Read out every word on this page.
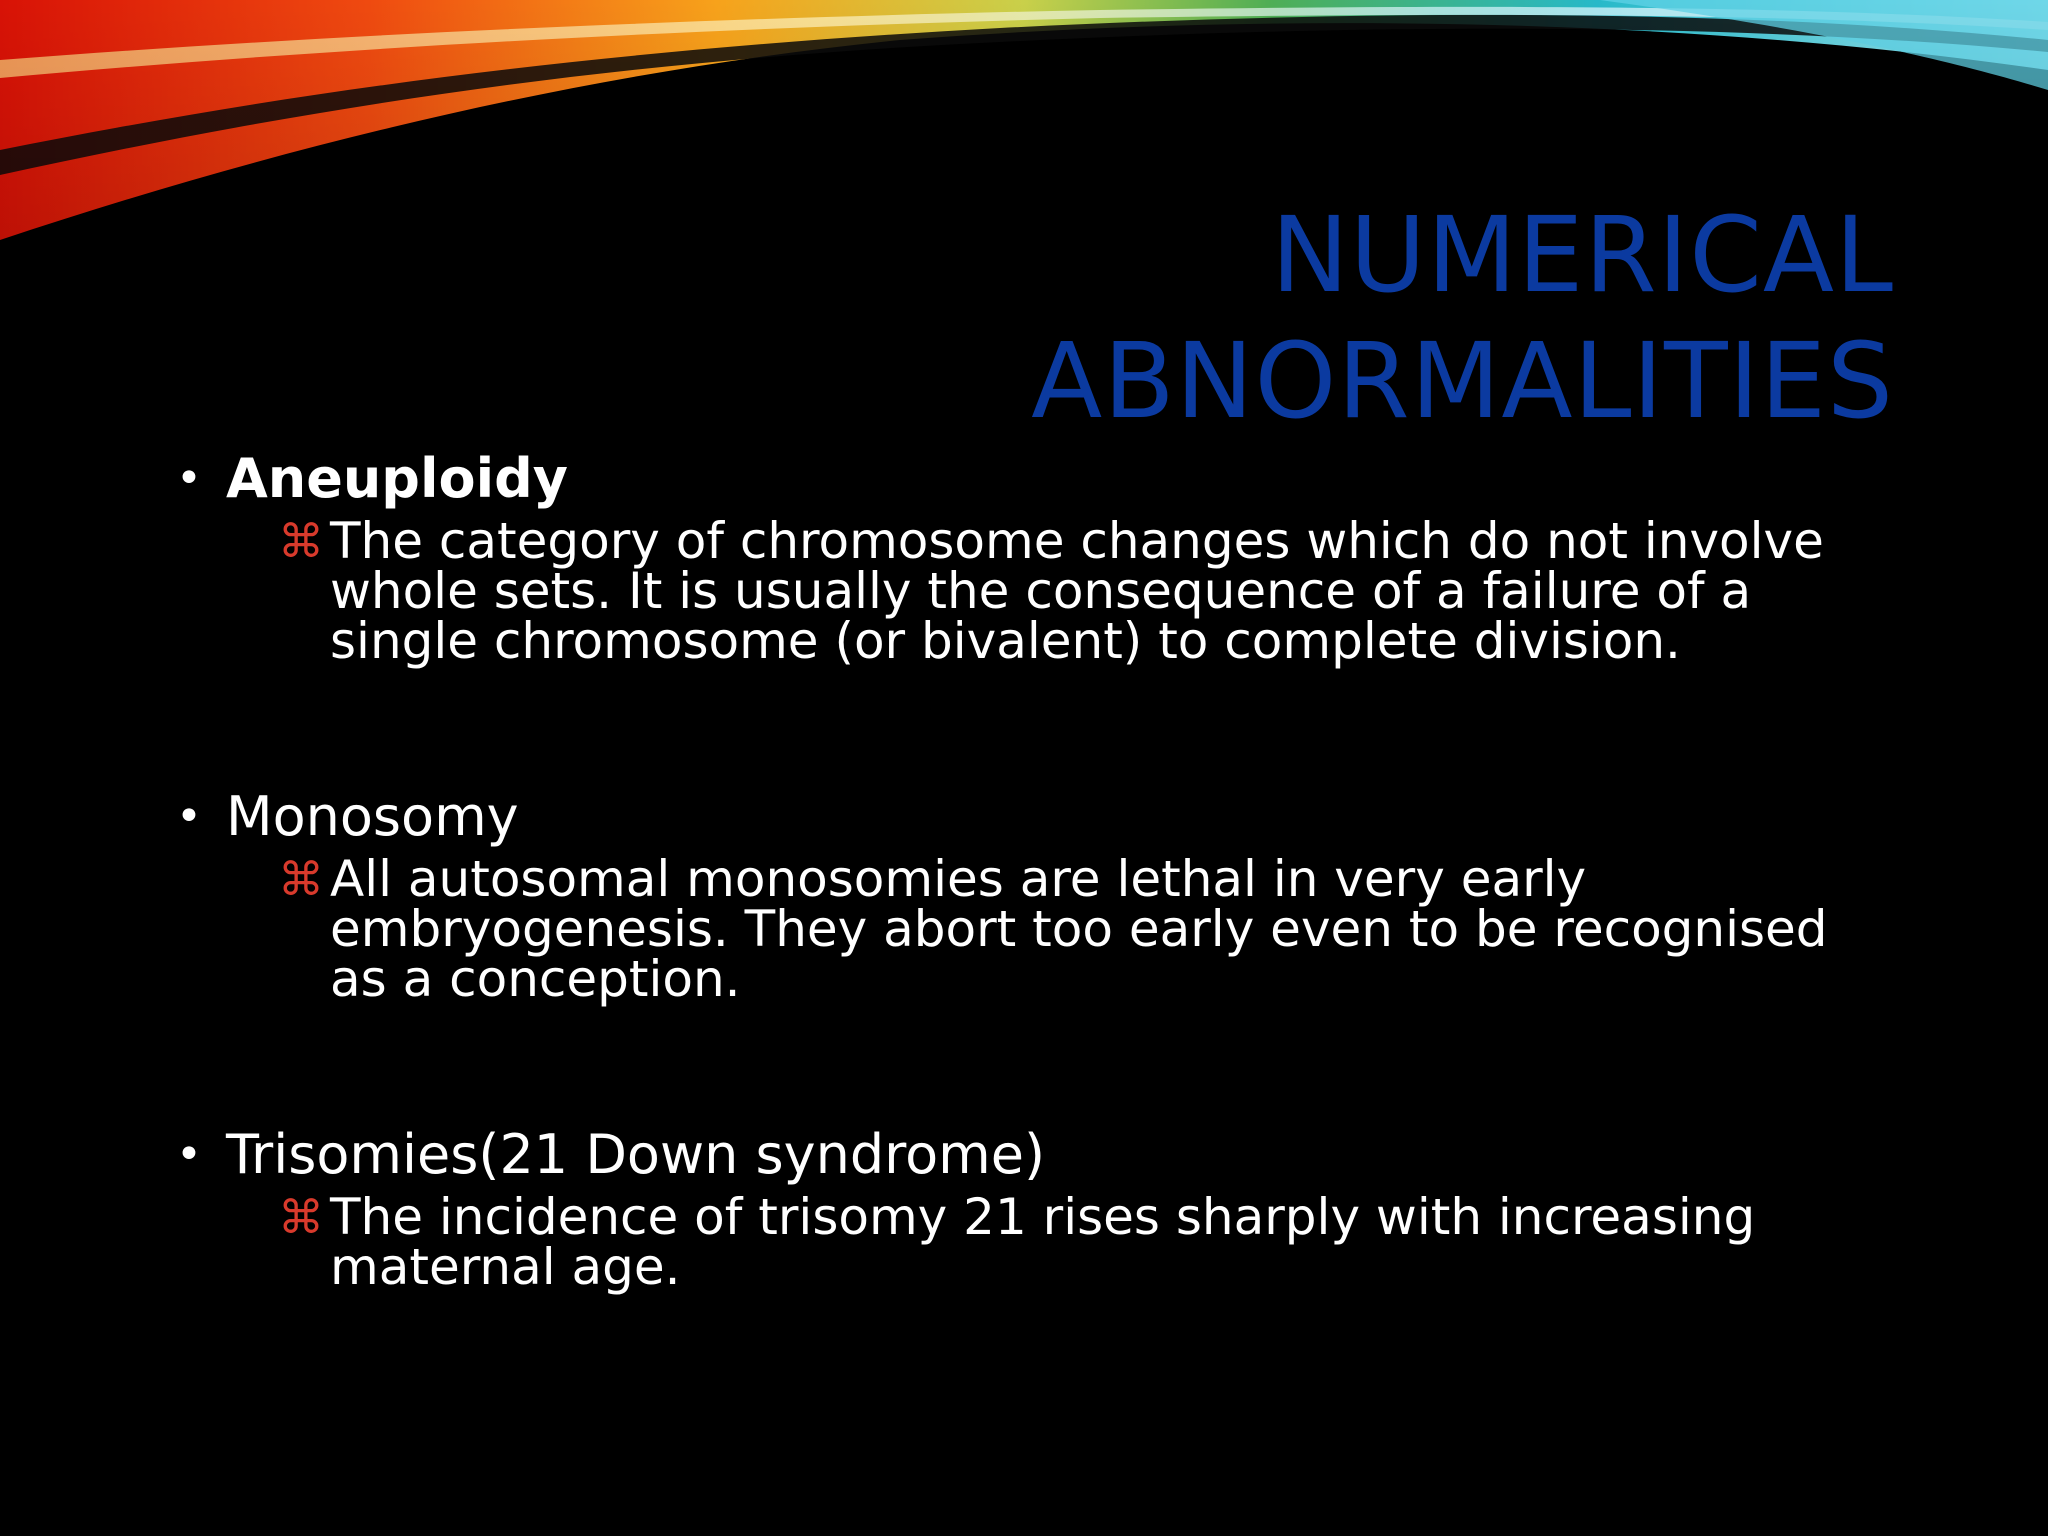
NUMERICAL
ABNORMALITIES
• Aneuploidy
⌘ The category of chromosome changes which do not involve whole sets. It is usually the consequence of a failure of a single chromosome (or bivalent) to complete division.
• Monosomy
⌘ All autosomal monosomies are lethal in very early embryogenesis. They abort too early even to be recognised as a conception.
• Trisomies(21 Down syndrome)
⌘ The incidence of trisomy 21 rises sharply with increasing maternal age.
